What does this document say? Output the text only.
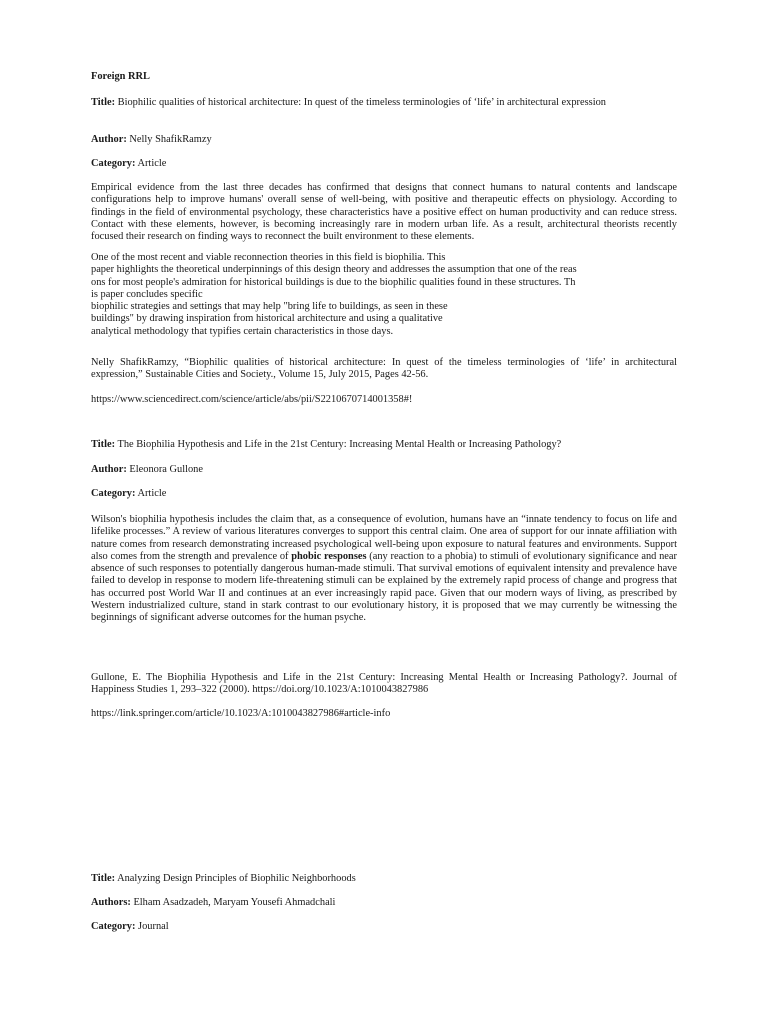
Foreign RRL

Title: Biophilic qualities of historical architecture: In quest of the timeless terminologies of ‘life’ in architectural expression

Author: Nelly ShafikRamzy

Category: Article

Empirical evidence from the last three decades has confirmed that designs that connect humans to natural contents and landscape configurations help to improve humans' overall sense of well-being, with positive and therapeutic effects on physiology. According to findings in the field of environmental psychology, these characteristics have a positive effect on human productivity and can reduce stress. Contact with these elements, however, is becoming increasingly rare in modern urban life. As a result, architectural theorists recently focused their research on finding ways to reconnect the built environment to these elements.

One of the most recent and viable reconnection theories in this field is biophilia. This
paper highlights the theoretical underpinnings of this design theory and addresses the assumption that one of the reas
ons for most people's admiration for historical buildings is due to the biophilic qualities found in these structures. Th
is paper concludes specific
biophilic strategies and settings that may help "bring life to buildings, as seen in these
buildings" by drawing inspiration from historical architecture and using a qualitative
analytical methodology that typifies certain characteristics in those days.

Nelly ShafikRamzy, “Biophilic qualities of historical architecture: In quest of the timeless terminologies of ‘life’ in architectural expression,” Sustainable Cities and Society., Volume 15, July 2015, Pages 42-56.

https://www.sciencedirect.com/science/article/abs/pii/S2210670714001358#!

Title: The Biophilia Hypothesis and Life in the 21st Century: Increasing Mental Health or Increasing Pathology?

Author: Eleonora Gullone

Category: Article

Wilson's biophilia hypothesis includes the claim that, as a consequence of evolution, humans have an “innate tendency to focus on life and lifelike processes.” A review of various literatures converges to support this central claim. One area of support for our innate affiliation with nature comes from research demonstrating increased psychological well-being upon exposure to natural features and environments. Support also comes from the strength and prevalence of phobic responses (any reaction to a phobia) to stimuli of evolutionary significance and near absence of such responses to potentially dangerous human-made stimuli. That survival emotions of equivalent intensity and prevalence have failed to develop in response to modern life-threatening stimuli can be explained by the extremely rapid process of change and progress that has occurred post World War II and continues at an ever increasingly rapid pace. Given that our modern ways of living, as prescribed by Western industrialized culture, stand in stark contrast to our evolutionary history, it is proposed that we may currently be witnessing the beginnings of significant adverse outcomes for the human psyche.

Gullone, E. The Biophilia Hypothesis and Life in the 21st Century: Increasing Mental Health or Increasing Pathology?. Journal of Happiness Studies 1, 293–322 (2000). https://doi.org/10.1023/A:1010043827986

https://link.springer.com/article/10.1023/A:1010043827986#article-info

Title: Analyzing Design Principles of Biophilic Neighborhoods

Authors: Elham Asadzadeh, Maryam Yousefi Ahmadchali

Category: Journal
